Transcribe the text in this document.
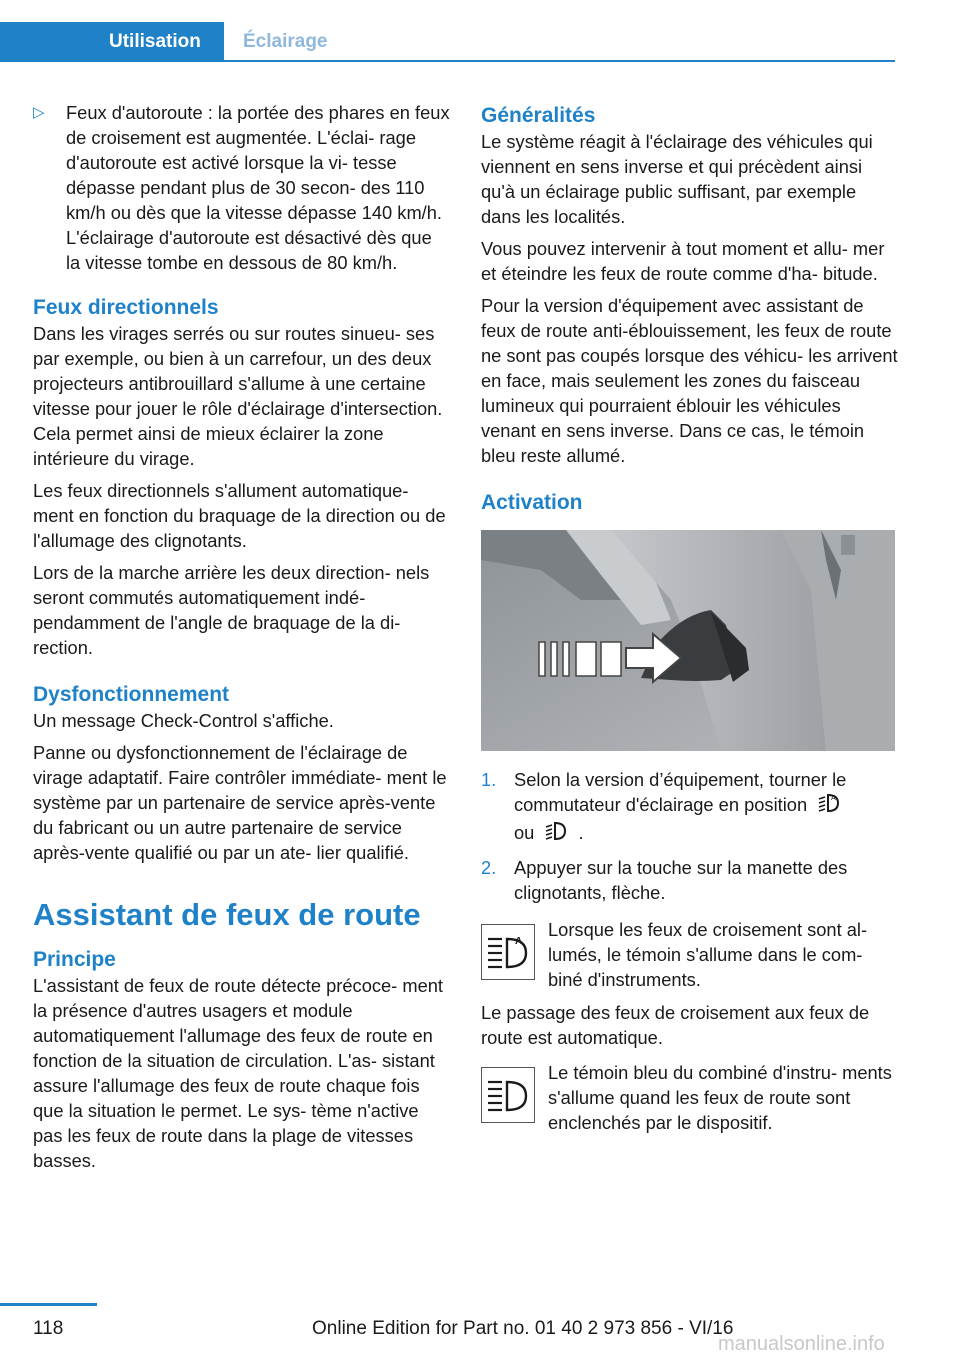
Utilisation	Éclairage
▷ Feux d'autoroute : la portée des phares en feux de croisement est augmentée. L'éclai- rage d'autoroute est activé lorsque la vi- tesse dépasse pendant plus de 30 secon- des 110 km/h ou dès que la vitesse dépasse 140 km/h. L'éclairage d'autoroute est désactivé dès que la vitesse tombe en dessous de 80 km/h.

Feux directionnels

Dans les virages serrés ou sur routes sinueu- ses par exemple, ou bien à un carrefour, un des deux projecteurs antibrouillard s'allume à une certaine vitesse pour jouer le rôle d'éclairage d'intersection. Cela permet ainsi de mieux éclairer la zone intérieure du virage.

Les feux directionnels s'allument automatique- ment en fonction du braquage de la direction ou de l'allumage des clignotants.

Lors de la marche arrière les deux direction- nels seront commutés automatiquement indé- pendamment de l'angle de braquage de la di- rection.

Dysfonctionnement

Un message Check-Control s'affiche.

Panne ou dysfonctionnement de l'éclairage de virage adaptatif. Faire contrôler immédiate- ment le système par un partenaire de service après-vente du fabricant ou un autre partenaire de service après-vente qualifié ou par un ate- lier qualifié.

Assistant de feux de route
Principe

L'assistant de feux de route détecte précoce- ment la présence d'autres usagers et module automatiquement l'allumage des feux de route en fonction de la situation de circulation. L'as- sistant assure l'allumage des feux de route chaque fois que la situation le permet. Le sys- tème n'active pas les feux de route dans la plage de vitesses basses.

Généralités

Le système réagit à l'éclairage des véhicules qui viennent en sens inverse et qui précèdent ainsi qu'à un éclairage public suffisant, par exemple dans les localités.

Vous pouvez intervenir à tout moment et allu- mer et éteindre les feux de route comme d'ha- bitude.

Pour la version d'équipement avec assistant de feux de route anti-éblouissement, les feux de route ne sont pas coupés lorsque des véhicu- les arrivent en face, mais seulement les zones du faisceau lumineux qui pourraient éblouir les véhicules venant en sens inverse. Dans ce cas, le témoin bleu reste allumé.

Activation
1. Selon la version d’équipement, tourner le commutateur d'éclairage en position	A

ou .
2. Appuyer sur la touche sur la manette des clignotants, flèche.
A

Lorsque les feux de croisement sont al- lumés, le témoin s'allume dans le com- biné d'instruments.

Le passage des feux de croisement aux feux de route est automatique.

Le témoin bleu du combiné d'instru- ments s'allume quand les feux de route sont enclenchés par le dispositif.

118	Online Edition for Part no. 01 40 2 973 856 - VI/16
manualsonline.info
